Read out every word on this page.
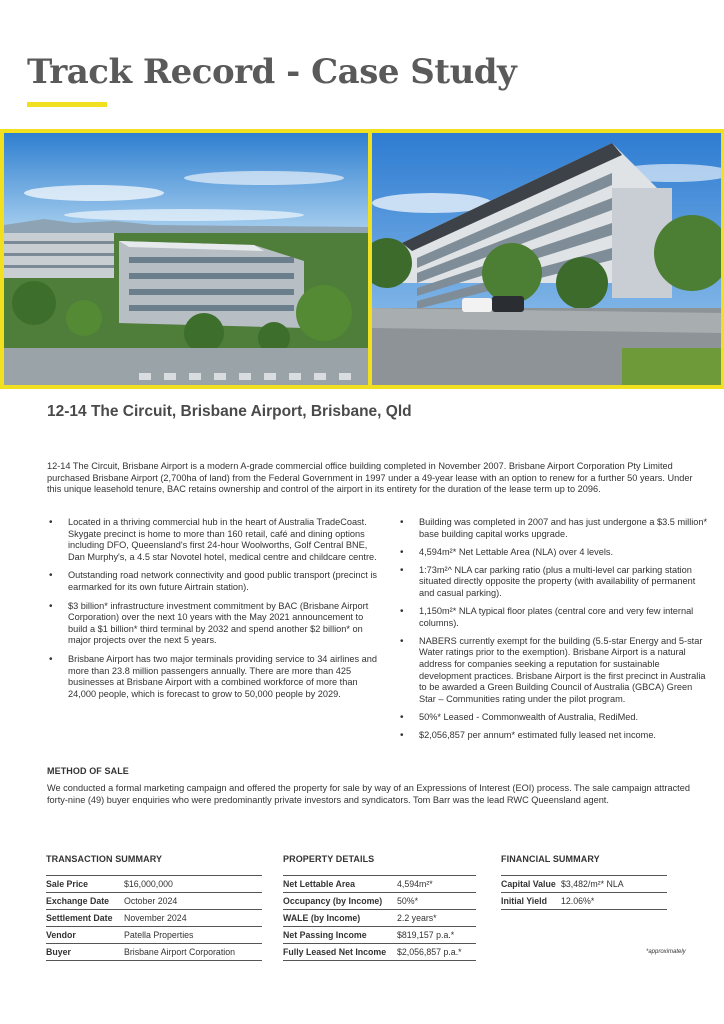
Track Record - Case Study
12-14 The Circuit, Brisbane Airport, Brisbane, Qld

12-14 The Circuit, Brisbane Airport is a modern A-grade commercial office building completed in November 2007. Brisbane Airport Corporation Pty Limited purchased Brisbane Airport (2,700ha of land) from the Federal Government in 1997 under a 49-year lease with an option to renew for a further 50 years. Under this unique leasehold tenure, BAC retains ownership and control of the airport in its entirety for the duration of the lease term up to 2096.

• Located in a thriving commercial hub in the heart of Australia TradeCoast. Skygate precinct is home to more than 160 retail, café and dining options including DFO, Queensland's first 24-hour Woolworths, Golf Central BNE, Dan Murphy's, a 4.5 star Novotel hotel, medical centre and childcare centre.
• Outstanding road network connectivity and good public transport (precinct is earmarked for its own future Airtrain station).
• $3 billion* infrastructure investment commitment by BAC (Brisbane Airport Corporation) over the next 10 years with the May 2021 announcement to build a $1 billion* third terminal by 2032 and spend another $2 billion* on major projects over the next 5 years.
• Brisbane Airport has two major terminals providing service to 34 airlines and more than 23.8 million passengers annually. There are more than 425 businesses at Brisbane Airport with a combined workforce of more than 24,000 people, which is forecast to grow to 50,000 people by 2029.
• Building was completed in 2007 and has just undergone a $3.5 million* base building capital works upgrade.
• 4,594m²* Net Lettable Area (NLA) over 4 levels.
• 1:73m²^ NLA car parking ratio (plus a multi-level car parking station situated directly opposite the property (with availability of permanent and casual parking).
• 1,150m²* NLA typical floor plates (central core and very few internal columns).
• NABERS currently exempt for the building (5.5-star Energy and 5-star Water ratings prior to the exemption). Brisbane Airport is a natural address for companies seeking a reputation for sustainable development practices. Brisbane Airport is the first precinct in Australia to be awarded a Green Building Council of Australia (GBCA) Green Star – Communities rating under the pilot program.
• 50%* Leased - Commonwealth of Australia, RediMed.
• $2,056,857 per annum* estimated fully leased net income.
METHOD OF SALE

We conducted a formal marketing campaign and offered the property for sale by way of an Expressions of Interest (EOI) process. The sale campaign attracted forty-nine (49) buyer enquiries who were predominantly private investors and syndicators. Tom Barr was the lead RWC Queensland agent.

TRANSACTION SUMMARY
Sale Price	$16,000,000
Exchange Date	October 2024
Settlement Date	November 2024
Vendor	Patella Properties
Buyer	Brisbane Airport Corporation
PROPERTY DETAILS
Net Lettable Area	4,594m²*
Occupancy (by Income)	50%*
WALE (by Income)	2.2 years*
Net Passing Income	$819,157 p.a.*
Fully Leased Net Income	$2,056,857 p.a.*
FINANCIAL SUMMARY
Capital Value	$3,482/m²* NLA
Initial Yield	12.06%*

*approximately
